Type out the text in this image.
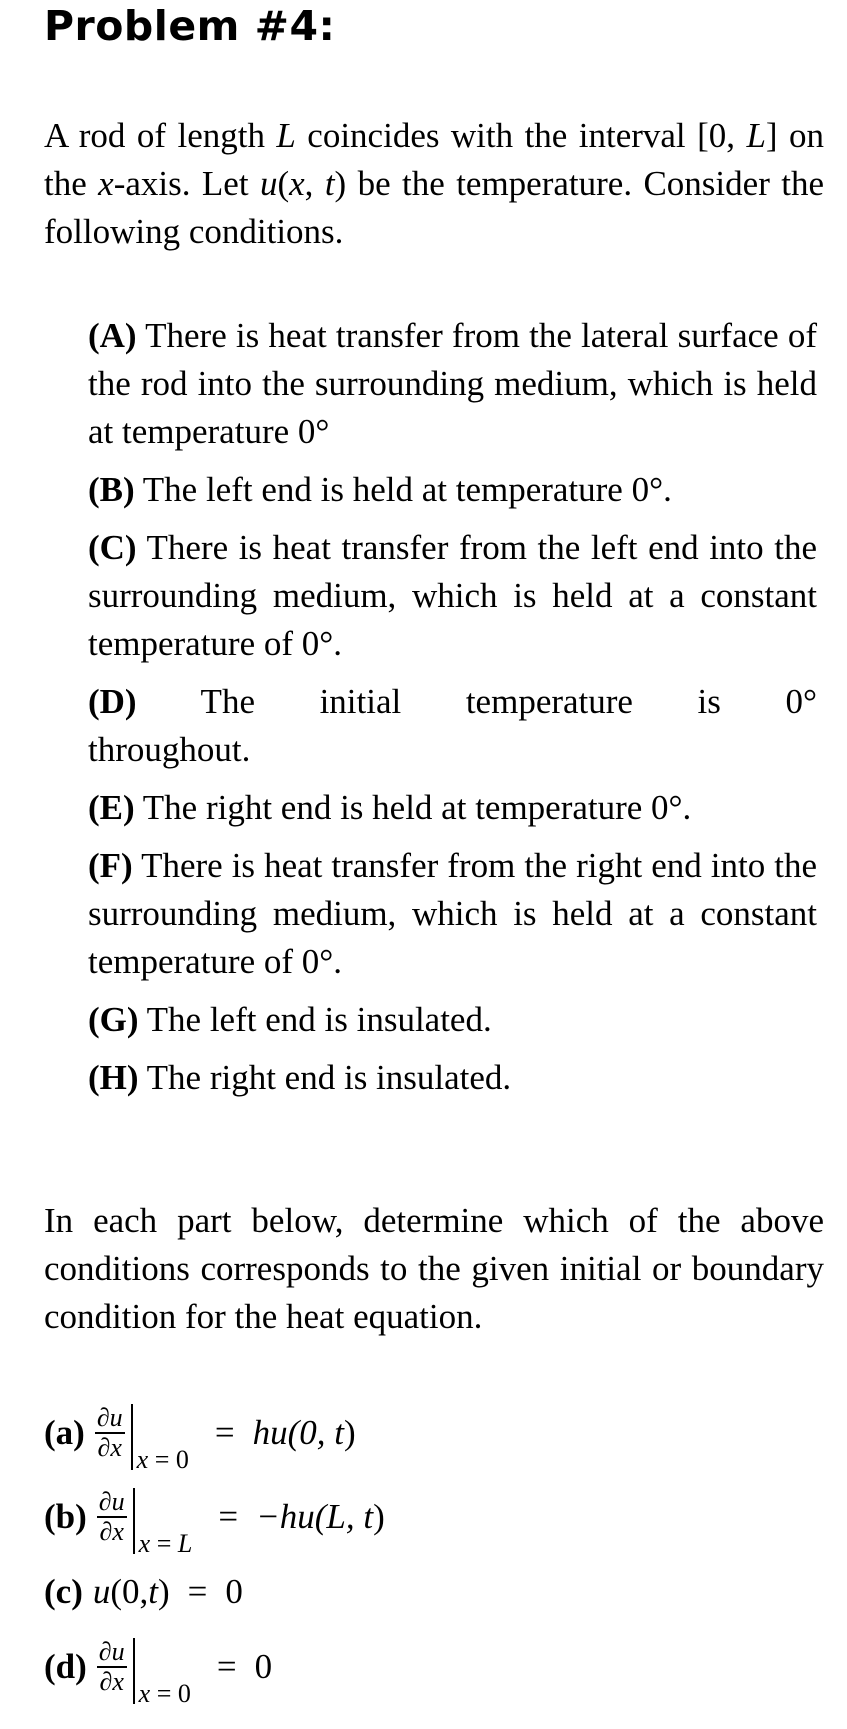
Problem #4:
A rod of length L coincides with the interval [0, L] on the x-axis. Let u(x, t) be the temperature. Consider the following conditions.
(A) There is heat transfer from the lateral surface of the rod into the surrounding medium, which is held at temperature 0°
(B) The left end is held at temperature 0°.
(C) There is heat transfer from the left end into the surrounding medium, which is held at a constant temperature of 0°.
(D) The initial temperature is 0°
throughout.
(E) The right end is held at temperature 0°.
(F) There is heat transfer from the right end into the surrounding medium, which is held at a constant temperature of 0°.
(G) The left end is insulated.
(H) The right end is insulated.
In each part below, determine which of the above conditions corresponds to the given initial or boundary condition for the heat equation.
$(a) \frac{\partial u}{\partial x}$ x = 0
= hu(0, t)
$(b) \frac{\partial u}{\partial x}$ x = L
= −hu(L, t)
(c) u (0, t ) = 0
$(d) \frac{\partial u}{\partial x}$ x = 0
= 0
